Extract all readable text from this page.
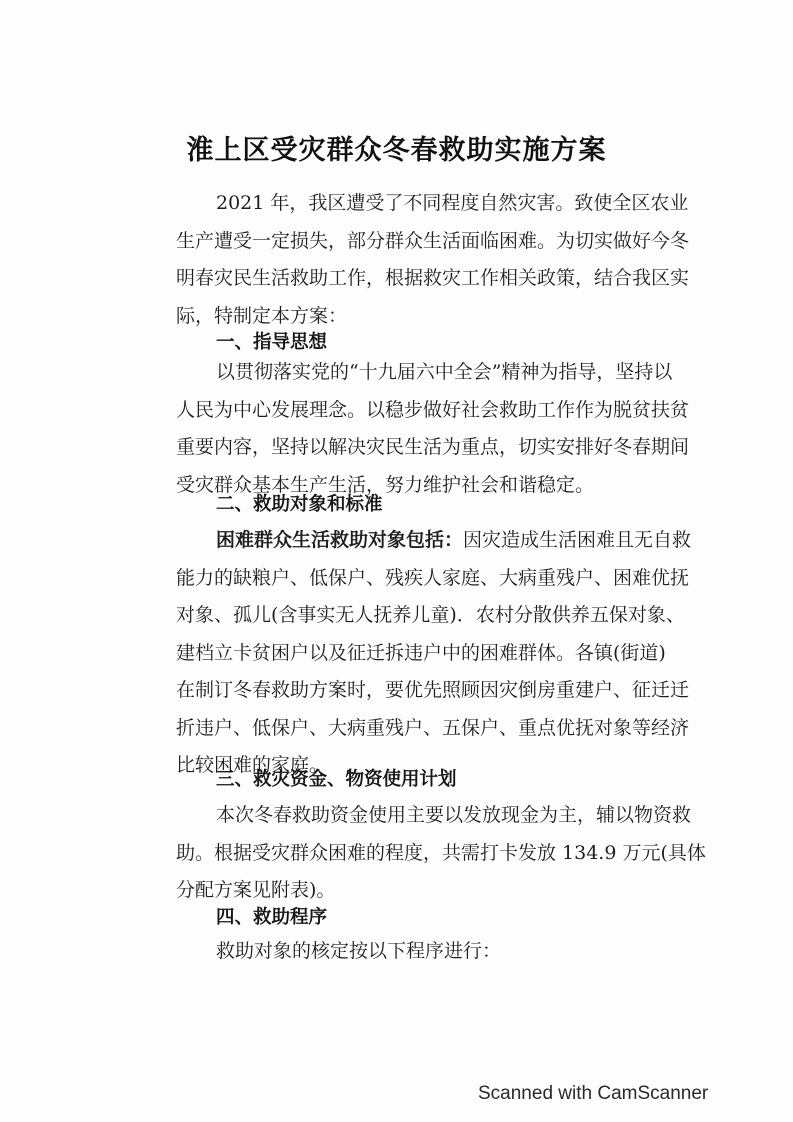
淮上区受灾群众冬春救助实施方案
2021 年，我区遭受了不同程度自然灾害。致使全区农业
生产遭受一定损失，部分群众生活面临困难。为切实做好今冬
明春灾民生活救助工作，根据救灾工作相关政策，结合我区实
际，特制定本方案：
一、指导思想
以贯彻落实党的“十九届六中全会”精神为指导，坚持以
人民为中心发展理念。以稳步做好社会救助工作作为脱贫扶贫
重要内容，坚持以解决灾民生活为重点，切实安排好冬春期间
受灾群众基本生产生活，努力维护社会和谐稳定。
二、救助对象和标准
困难群众生活救助对象包括：因灾造成生活困难且无自救
能力的缺粮户、低保户、残疾人家庭、大病重残户、困难优抚
对象、孤儿(含事实无人抚养儿童)．农村分散供养五保对象、
建档立卡贫困户以及征迁拆违户中的困难群体。各镇(街道)
在制订冬春救助方案时，要优先照顾因灾倒房重建户、征迁迁
折违户、低保户、大病重残户、五保户、重点优抚对象等经济
比较困难的家庭。
三、救灾资金、物资使用计划
本次冬春救助资金使用主要以发放现金为主，辅以物资救
助。根据受灾群众困难的程度，共需打卡发放 134.9 万元(具体
分配方案见附表)。
四、救助程序
救助对象的核定按以下程序进行：
Scanned with CamScanner
